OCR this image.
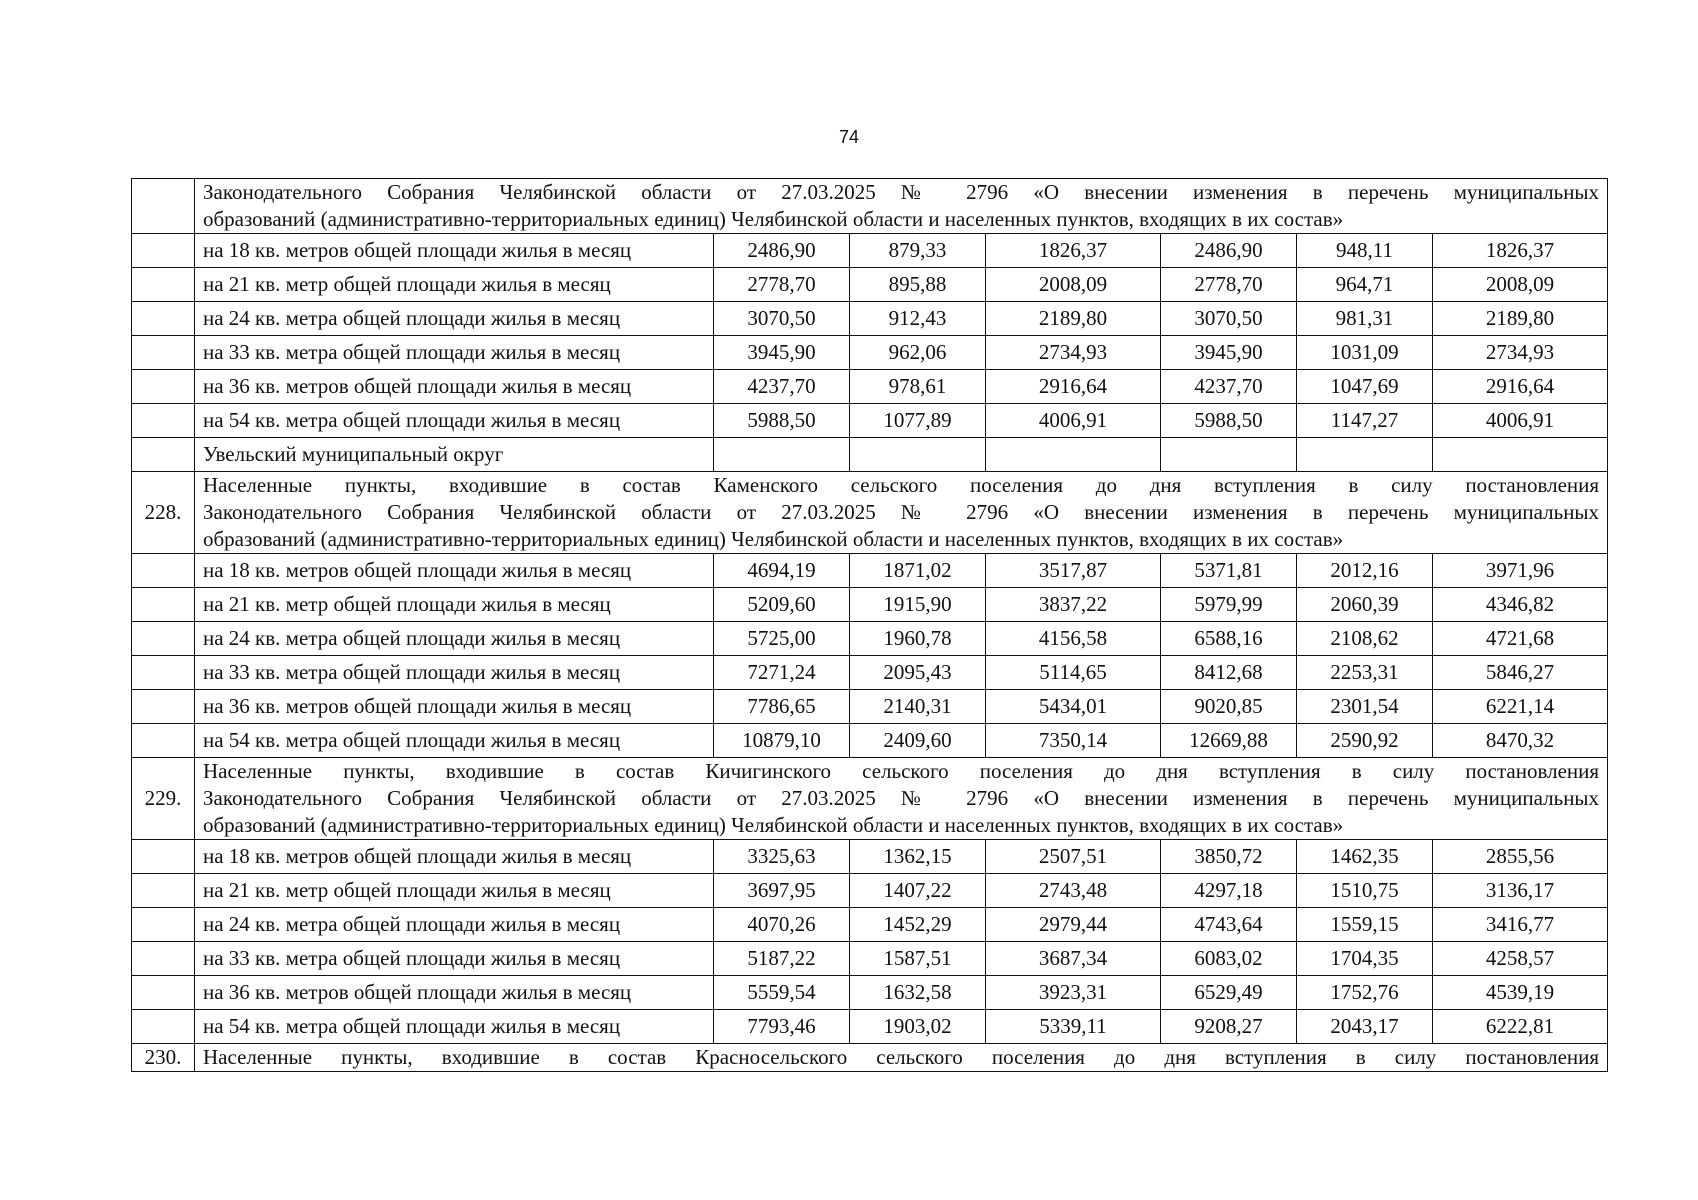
74

	Законодательного Собрания Челябинской области от 27.03.2025 № 2796 «О внесении изменения в перечень муниципальных
образований (административно-территориальных единиц) Челябинской области и населенных пунктов, входящих в их состав»						

	на 18 кв. метров общей площади жилья в месяц	2486,90	879,33	1826,37	2486,90	948,11	1826,37
	на 21 кв. метр общей площади жилья в месяц	2778,70	895,88	2008,09	2778,70	964,71	2008,09
	на 24 кв. метра общей площади жилья в месяц	3070,50	912,43	2189,80	3070,50	981,31	2189,80
	на 33 кв. метра общей площади жилья в месяц	3945,90	962,06	2734,93	3945,90	1031,09	2734,93
	на 36 кв. метров общей площади жилья в месяц	4237,70	978,61	2916,64	4237,70	1047,69	2916,64
	на 54 кв. метра общей площади жилья в месяц	5988,50	1077,89	4006,91	5988,50	1147,27	4006,91
	Увельский муниципальный округ						
228.	Населенные пункты, входившие в состав Каменского сельского поселения до дня вступления в силу постановления
Законодательного Собрания Челябинской области от 27.03.2025 № 2796 «О внесении изменения в перечень муниципальных
образований (административно-территориальных единиц) Челябинской области и населенных пунктов, входящих в их состав»						

	на 18 кв. метров общей площади жилья в месяц	4694,19	1871,02	3517,87	5371,81	2012,16	3971,96
	на 21 кв. метр общей площади жилья в месяц	5209,60	1915,90	3837,22	5979,99	2060,39	4346,82
	на 24 кв. метра общей площади жилья в месяц	5725,00	1960,78	4156,58	6588,16	2108,62	4721,68
	на 33 кв. метра общей площади жилья в месяц	7271,24	2095,43	5114,65	8412,68	2253,31	5846,27
	на 36 кв. метров общей площади жилья в месяц	7786,65	2140,31	5434,01	9020,85	2301,54	6221,14
	на 54 кв. метра общей площади жилья в месяц	10879,10	2409,60	7350,14	12669,88	2590,92	8470,32
229.	Населенные пункты, входившие в состав Кичигинского сельского поселения до дня вступления в силу постановления
Законодательного Собрания Челябинской области от 27.03.2025 № 2796 «О внесении изменения в перечень муниципальных
образований (административно-территориальных единиц) Челябинской области и населенных пунктов, входящих в их состав»						

	на 18 кв. метров общей площади жилья в месяц	3325,63	1362,15	2507,51	3850,72	1462,35	2855,56
	на 21 кв. метр общей площади жилья в месяц	3697,95	1407,22	2743,48	4297,18	1510,75	3136,17
	на 24 кв. метра общей площади жилья в месяц	4070,26	1452,29	2979,44	4743,64	1559,15	3416,77
	на 33 кв. метра общей площади жилья в месяц	5187,22	1587,51	3687,34	6083,02	1704,35	4258,57
	на 36 кв. метров общей площади жилья в месяц	5559,54	1632,58	3923,31	6529,49	1752,76	4539,19
	на 54 кв. метра общей площади жилья в месяц	7793,46	1903,02	5339,11	9208,27	2043,17	6222,81
230.	Населенные пункты, входившие в состав Красносельского сельского поселения до дня вступления в силу постановления						
